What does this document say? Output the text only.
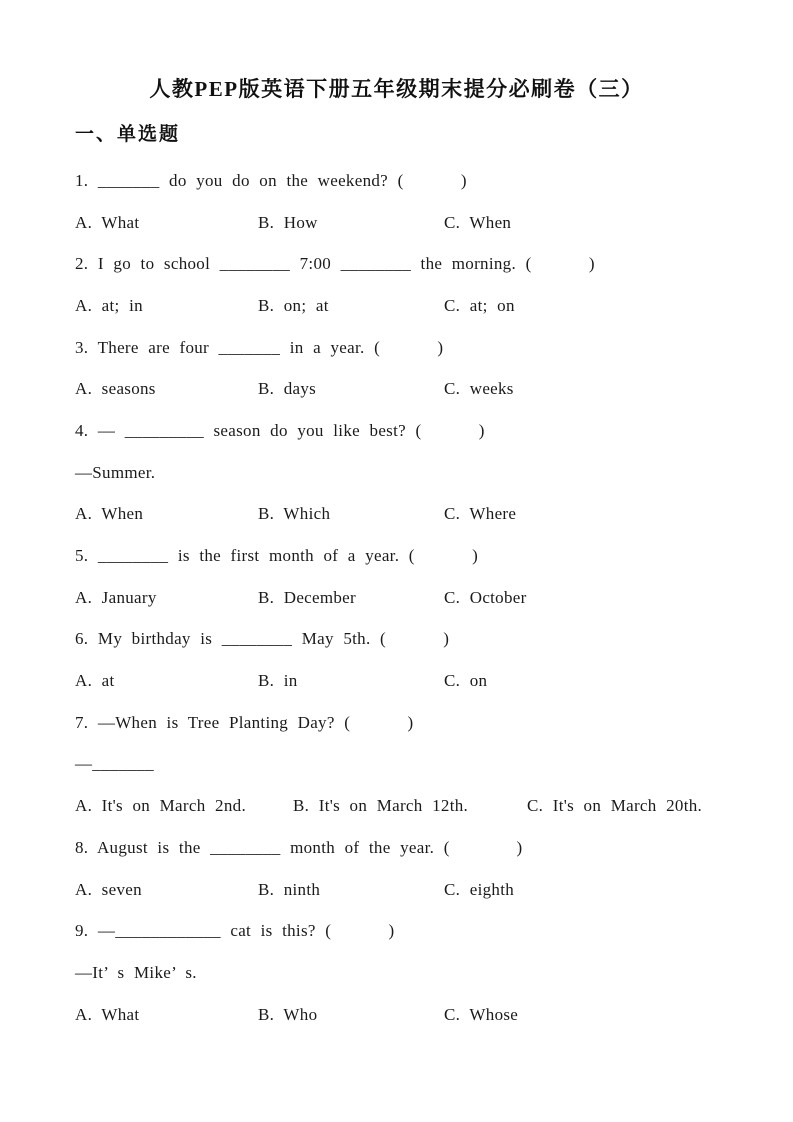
人教PEP版英语下册五年级期末提分必刷卷（三）
一、单选题
1. _______ do you do on the weekend? (      )
A. What	B. How	C. When
2. I go to school ________ 7:00 ________ the morning. (      )
A. at; in	B. on; at	C. at; on
3. There are four _______ in a year. (      )
A. seasons	B. days	C. weeks
4. — _________ season do you like best? (      )
—Summer.
A. When	B. Which	C. Where
5. ________ is the first month of a year. (      )
A. January	B. December	C. October
6. My birthday is ________ May 5th. (      )
A. at	B. in	C. on
7. —When is Tree Planting Day? (      )
—_______
A. It's on March 2nd.	B. It's on March 12th.	C. It's on March 20th.
8. August is the ________ month of the year. (       )
A. seven	B. ninth	C. eighth
9. —____________ cat is this? (      )
—It’ s Mike’ s.
A. What	B. Who	C. Whose
